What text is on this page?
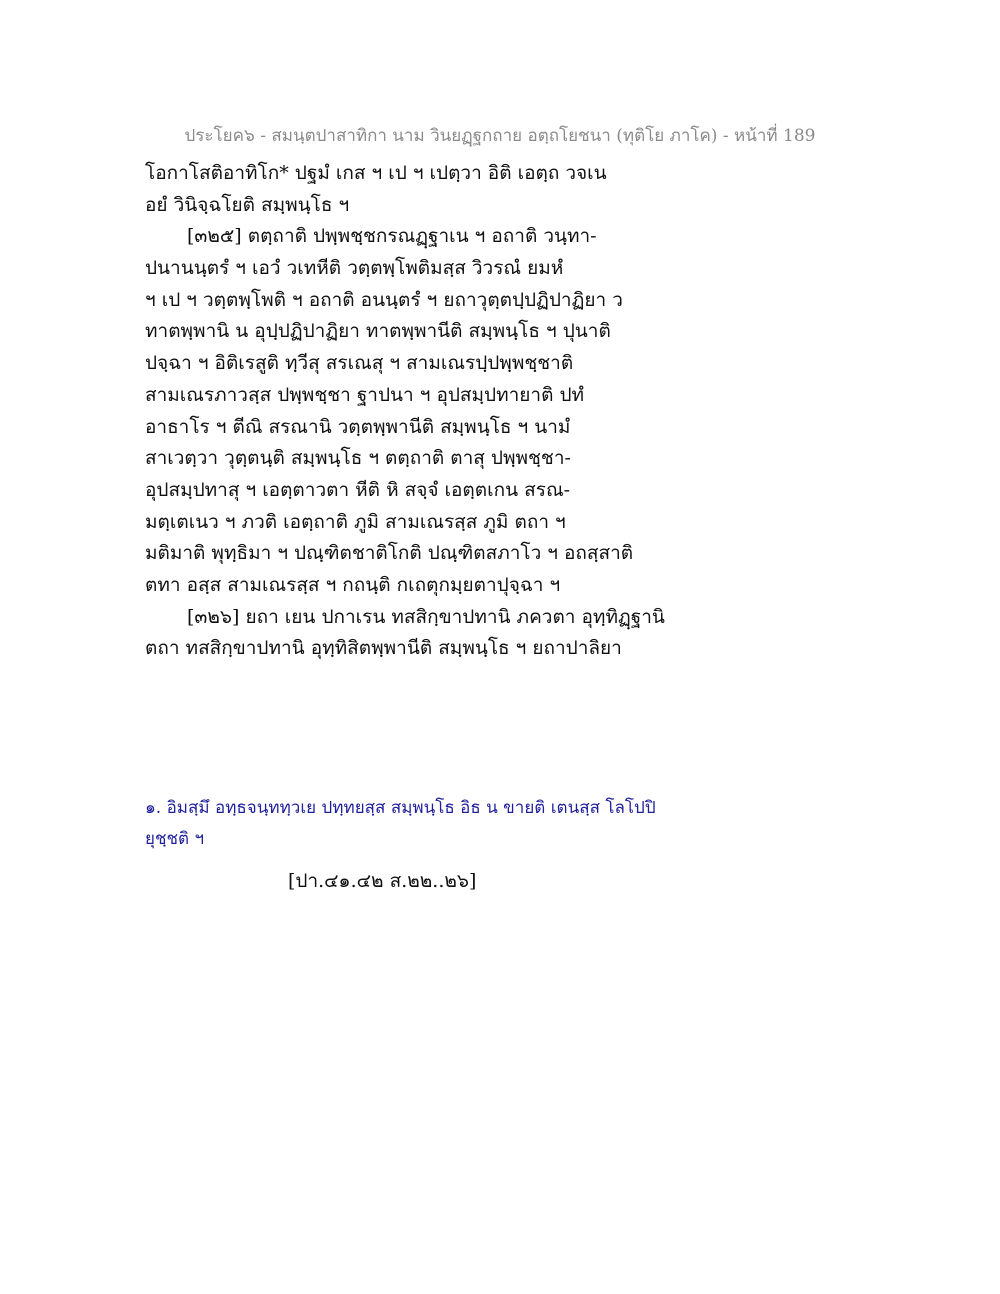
ประโยค๖ - สมนฺตปาสาทิกา นาม วินยฏฺฐกถาย อตฺถโยชนา (ทุติโย ภาโค) - หน้าที่ 189
โอกาโสติอาทิโก* ปฐมํ เกส ฯ เป ฯ เปตฺวา อิติ เอตฺถ วจเน
อยํ วินิจฺฉโยติ สมฺพนฺโธ ฯ
[๓๒๕] ตตฺถาติ ปพฺพชฺชกรณฏฺฐาเน ฯ อถาติ วนฺทา-
ปนานนฺตรํ ฯ เอวํ วเทหีติ วตฺตพฺโพติมสฺส วิวรณํ ยมหํ
ฯ เป ฯ วตฺตพฺโพติ ฯ อถาติ อนนฺตรํ ฯ ยถาวุตฺตปฺปฏิปาฏิยา ว
ทาตพฺพานิ น อุปฺปฏิปาฏิยา ทาตพฺพานีติ สมฺพนฺโธ ฯ ปุนาติ
ปจฺฉา ฯ อิติเรสูติ ทฺวีสุ สรเณสุ ฯ สามเณรปฺปพฺพชฺชาติ
สามเณรภาวสฺส ปพฺพชฺชา ฐาปนา ฯ อุปสมฺปทายาติ ปทํ
อาธาโร ฯ ตีณิ สรณานิ วตฺตพฺพานีติ สมฺพนฺโธ ฯ นามํ
สาเวตฺวา วุตฺตนฺติ สมฺพนฺโธ ฯ ตตฺถาติ ตาสุ ปพฺพชฺชา-
อุปสมฺปทาสุ ฯ เอตฺตาวตา หีติ หิ สจฺจํ เอตฺตเกน สรณ-
มตฺเตเนว ฯ ภวติ เอตฺถาติ ภูมิ สามเณรสฺส ภูมิ ตถา ฯ
มติมาติ พุทฺธิมา ฯ ปณฺฑิตชาติโกติ ปณฺฑิตสภาโว ฯ อถสฺสาติ
ตทา อสฺส สามเณรสฺส ฯ กถนฺติ กเถตุกมฺยตาปุจฺฉา ฯ
[๓๒๖] ยถา เยน ปกาเรน ทสสิกฺขาปทานิ ภควตา อุทฺทิฏฺฐานิ
ตถา ทสสิกฺขาปทานิ อุทฺทิสิตพฺพานีติ สมฺพนฺโธ ฯ ยถาปาลิยา
๑. อิมสฺมึ อทฺธจนฺททฺวเย ปทฺทยสฺส สมฺพนฺโธ อิธ น ขายติ เตนสฺส โลโปปิ
ยุชฺชติ ฯ
[ปา.๔๑.๔๒ ส.๒๒..๒๖]
